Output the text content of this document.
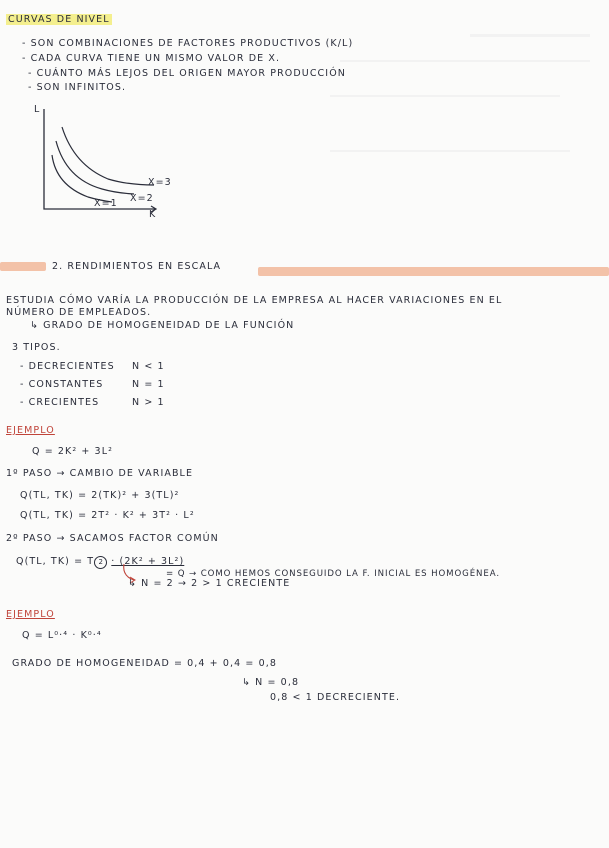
CURVAS DE NIVEL
- SON COMBINACIONES DE FACTORES PRODUCTIVOS (K/L)
- CADA CURVA TIENE UN MISMO VALOR DE X.
- CUÁNTO MÁS LEJOS DEL ORIGEN MAYOR PRODUCCIÓN
- SON INFINITOS.
L
K
X=3
X=2
X=1
2. RENDIMIENTOS EN ESCALA
ESTUDIA CÓMO VARÍA LA PRODUCCIÓN DE LA EMPRESA AL HACER VARIACIONES EN EL
NÚMERO DE EMPLEADOS.
↳ GRADO DE HOMOGENEIDAD DE LA FUNCIÓN
3 TIPOS.
- DECRECIENTES N < 1
- CONSTANTES	N = 1
- CRECIENTES	N > 1
EJEMPLO
Q = 2K² + 3L²
1º PASO → CAMBIO DE VARIABLE
Q(TL, TK) = 2(TK)² + 3(TL)²
Q(TL, TK) = 2T² · K² + 3T² · L²
2º PASO → SACAMOS FACTOR COMÚN
Q(TL, TK) = T 2 · (2K² + 3L²)
= Q → COMO HEMOS CONSEGUIDO LA F. INICIAL ES HOMOGÉNEA.
↳ N = 2 → 2 > 1 CRECIENTE
EJEMPLO
Q = L⁰·⁴ · K⁰·⁴
GRADO DE HOMOGENEIDAD = 0,4 + 0,4 = 0,8
↳ N = 0,8
0,8 < 1 DECRECIENTE.
